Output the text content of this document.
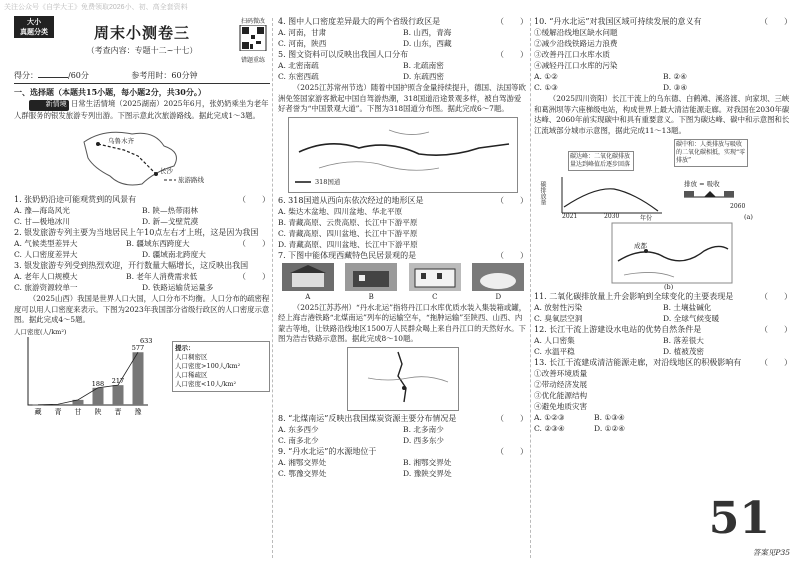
关注公众号《自学大王》免费领取2026小、初、高全套资料
大小
真题分类	周末小测卷三
（考查内容：专题十二~十七）
扫码微改
错题重练
得分：	/60分	参考用时：60分钟

一、选择题（本题共15小题，每小题2分，共30分。）

新情境 日常生活情境（2025湖南）2025年6月，张奶奶乘坐为老年人群服务的银发旅游专列出游。下图示意此次旅游路线。据此完成1～3题。

乌鲁木齐
长沙
旅游路线

1. 张奶奶沿途可能观赏到的风景有	（　　）

A. 豫—海岛风光	B. 陕—热带雨林
C. 甘—极地冰川	D. 新—戈壁荒漠

2. 银发旅游专列主要为当地居民上午10点左右才上班，这是因为我国
（　　）

A. 气候类型差异大	B. 疆域东西跨度大
C. 人口密度差异大	D. 疆域南北跨度大

3. 银发旅游专列受到热烈欢迎，开行数量大幅增长，这反映出我国
（　　）

A. 老年人口规模大	B. 老年人消费需求低
C. 旅游资源较单一	D. 铁路运输货运量多

（2025山西）我国是世界人口大国，人口分布不均衡。人口分布的疏密程度可以用人口密度来表示。下图为2023年我国部分省级行政区的人口密度示意图。据此完成4～5题。

人口密度(人/km²)
藏 青 甘 陕
188
晋
217
豫
577
633
提示：
人口稠密区
人口密度>100人/km²
人口稀疏区
人口密度<10人/km²

4. 图中人口密度差异最大的两个省级行政区是	（　　）

A. 河南，甘肃	B. 山西，青海
C. 河南，陕西	D. 山东，西藏

5. 图文资料可以反映出我国人口分布	（　　）

A. 北密南疏	B. 北疏南密
C. 东密西疏	D. 东疏西密

（2025江苏常州节选）随着中国护照含金量持续提升，德国、法国等欧洲免签国家游客掀起中国自驾游热潮，318国道沿途景观多样，被自驾游爱好者誉为“中国景观大道”。下图为318国道分布图。据此完成6～7题。

318国道

6. 318国道从西向东依次经过的地形区是	（　　）

A. 柴达木盆地、四川盆地、华北平原
B. 青藏高原、云贵高原、长江中下游平原
C. 青藏高原、四川盆地、长江中下游平原
D. 青藏高原、四川盆地、长江中下游平原

7. 下图中能体现西藏特色民居景观的是	（　　）

A	B	C	D

（2025江苏苏州）“丹水北运”指将丹江口水库优质水装入集装箱或罐，经上海吉港铁路“北煤南运”列车的运输空车，“拖肿运输”至陕西、山西、内蒙古等地，让铁路沿线地区1500万人民群众喝上来自丹江口的天然好水。下图为浩吉铁路示意图。据此完成8～10题。

8. “北煤南运”反映出我国煤炭资源主要分布情况是	（　　）

A. 东多西少	B. 北多南少
C. 南多北少	D. 西多东少

9. “丹水北运”的水源地位于	（　　）

A. 湘鄂交界处	B. 湘鄂交界处
C. 鄂豫交界处	D. 豫陕交界处

10. “丹水北运”对我国区域可持续发展的意义有	（　　）

①缓解沿线地区缺水问题
②减少沿线铁路运力浪费
③改善丹江口水库水质
④减轻丹江口水库的污染
A. ①②	B. ②④
C. ①③	D. ③④

（2025四川资阳）长江干流上的乌东德、白鹤滩、溪洛渡、向家坝、三峡和葛洲坝等六座梯级电站，构成世界上最大清洁能源走廊。对我国在2030年碳达峰、2060年前实现碳中和具有重要意义。下图为碳达峰、碳中和示意图和长江流域部分城市示意图，据此完成11～13题。

碳达峰：二氧化碳排放量达到峰值后逐步回落
碳中和：人类排放与吸收的二氧化碳相抵，实现“零排放”
排放 = 吸收
碳排放量
2021	2030	年份
2060
(a)
成都
(b)

11. 二氧化碳排放量上升会影响到全球变化的主要表现是	（　　）

A. 放射性污染	B. 土壤盐碱化
C. 臭氧层空洞	D. 全球气候变暖

12. 长江干流上游建设水电站的优势自然条件是	（　　）

A. 人口密集	B. 落差很大
C. 水温平稳	D. 植被茂密

13. 长江干流建成清洁能源走廊，对沿线地区的积极影响有 （　　）

①改善环境质量
②带动经济发展
③优化能源结构
④避免地质灾害
A. ①②③	B. ①③④
C. ②③④	D. ①②④
51
答案见P35
